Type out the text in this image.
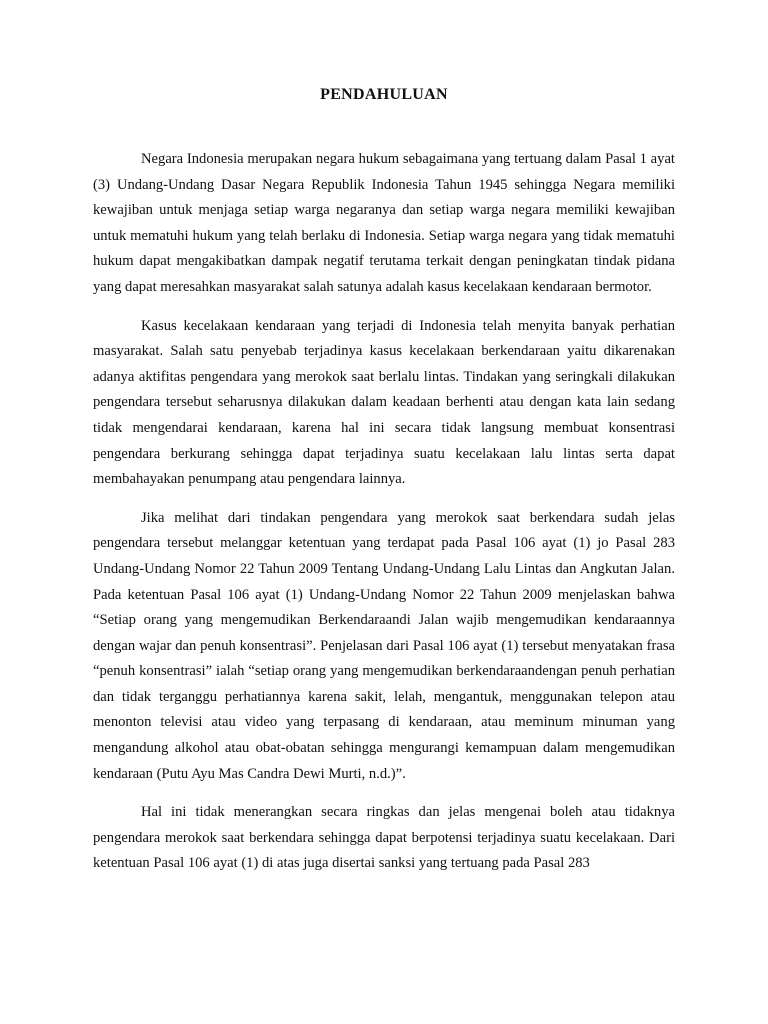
PENDAHULUAN

Negara Indonesia merupakan negara hukum sebagaimana yang tertuang dalam Pasal 1 ayat (3) Undang-Undang Dasar Negara Republik Indonesia Tahun 1945 sehingga Negara memiliki kewajiban untuk menjaga setiap warga negaranya dan setiap warga negara memiliki kewajiban untuk mematuhi hukum yang telah berlaku di Indonesia. Setiap warga negara yang tidak mematuhi hukum dapat mengakibatkan dampak negatif terutama terkait dengan peningkatan tindak pidana yang dapat meresahkan masyarakat salah satunya adalah kasus kecelakaan kendaraan bermotor.

Kasus kecelakaan kendaraan yang terjadi di Indonesia telah menyita banyak perhatian masyarakat. Salah satu penyebab terjadinya kasus kecelakaan berkendaraan yaitu dikarenakan adanya aktifitas pengendara yang merokok saat berlalu lintas. Tindakan yang seringkali dilakukan pengendara tersebut seharusnya dilakukan dalam keadaan berhenti atau dengan kata lain sedang tidak mengendarai kendaraan, karena hal ini secara tidak langsung membuat konsentrasi pengendara berkurang sehingga dapat terjadinya suatu kecelakaan lalu lintas serta dapat membahayakan penumpang atau pengendara lainnya.

Jika melihat dari tindakan pengendara yang merokok saat berkendara sudah jelas pengendara tersebut melanggar ketentuan yang terdapat pada Pasal 106 ayat (1) jo Pasal 283 Undang-Undang Nomor 22 Tahun 2009 Tentang Undang-Undang Lalu Lintas dan Angkutan Jalan. Pada ketentuan Pasal 106 ayat (1) Undang-Undang Nomor 22 Tahun 2009 menjelaskan bahwa “Setiap orang yang mengemudikan Berkendaraandi Jalan wajib mengemudikan kendaraannya dengan wajar dan penuh konsentrasi”. Penjelasan dari Pasal 106 ayat (1) tersebut menyatakan frasa “penuh konsentrasi” ialah “setiap orang yang mengemudikan berkendaraandengan penuh perhatian dan tidak terganggu perhatiannya karena sakit, lelah, mengantuk, menggunakan telepon atau menonton televisi atau video yang terpasang di kendaraan, atau meminum minuman yang mengandung alkohol atau obat-obatan sehingga mengurangi kemampuan dalam mengemudikan kendaraan (Putu Ayu Mas Candra Dewi Murti, n.d.)”.

Hal ini tidak menerangkan secara ringkas dan jelas mengenai boleh atau tidaknya pengendara merokok saat berkendara sehingga dapat berpotensi terjadinya suatu kecelakaan. Dari ketentuan Pasal 106 ayat (1) di atas juga disertai sanksi yang tertuang pada Pasal 283
